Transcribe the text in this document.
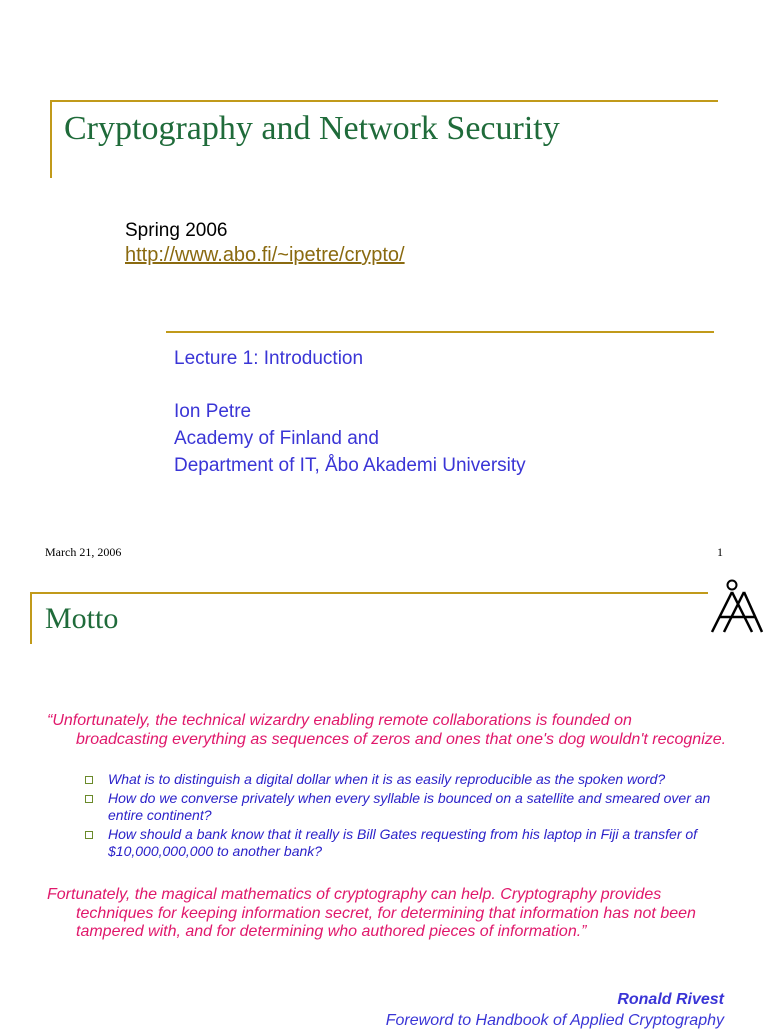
Cryptography and Network Security
Spring 2006
http://www.abo.fi/~ipetre/crypto/
Lecture 1: Introduction
Ion Petre
Academy of Finland and
Department of IT, Åbo Akademi University
March 21, 2006	1
Motto
“Unfortunately, the technical wizardry enabling remote collaborations is founded on broadcasting everything as sequences of zeros and ones that one's dog wouldn't recognize.
What is to distinguish a digital dollar when it is as easily reproducible as the spoken word?
How do we converse privately when every syllable is bounced on a satellite and smeared over an entire continent?
How should a bank know that it really is Bill Gates requesting from his laptop in Fiji a transfer of $10,000,000,000 to another bank?
Fortunately, the magical mathematics of cryptography can help. Cryptography provides techniques for keeping information secret, for determining that information has not been tampered with, and for determining who authored pieces of information.”
Ronald Rivest
Foreword to Handbook of Applied Cryptography
